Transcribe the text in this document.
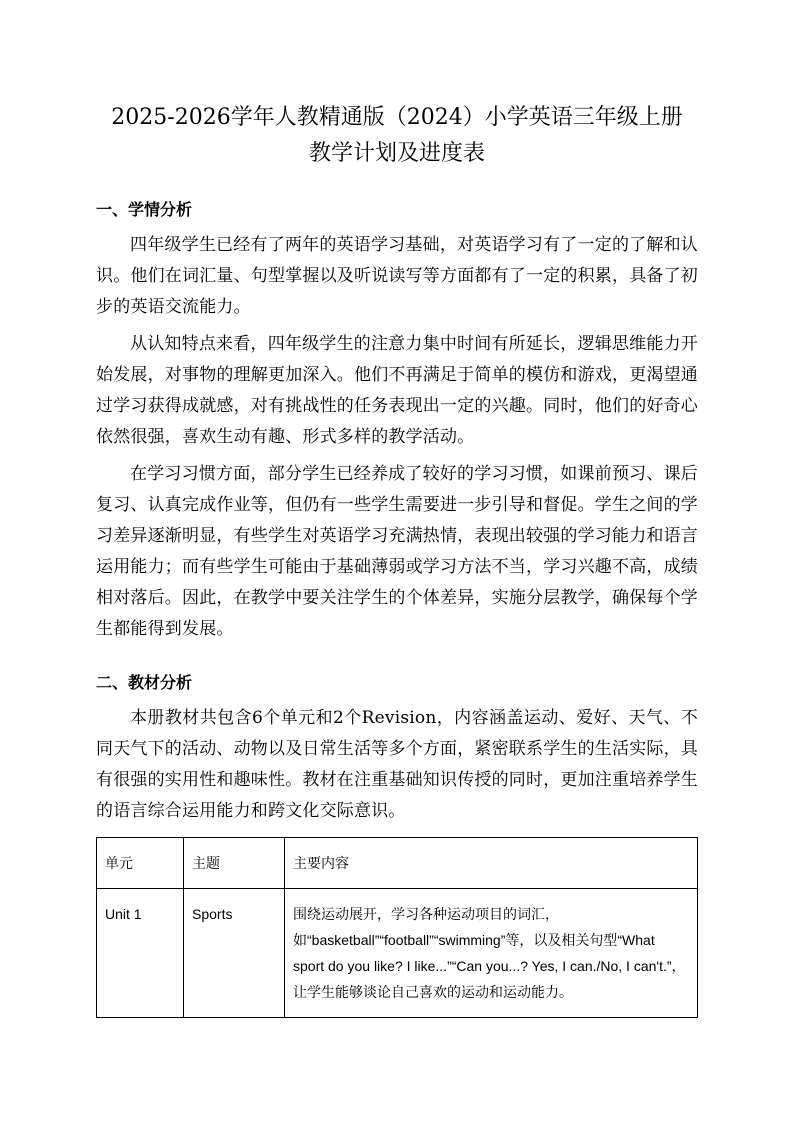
2025-2026学年人教精通版（2024）小学英语三年级上册
教学计划及进度表
一、学情分析

四年级学生已经有了两年的英语学习基础，对英语学习有了一定的了解和认识。他们在词汇量、句型掌握以及听说读写等方面都有了一定的积累，具备了初步的英语交流能力。

从认知特点来看，四年级学生的注意力集中时间有所延长，逻辑思维能力开始发展，对事物的理解更加深入。他们不再满足于简单的模仿和游戏，更渴望通过学习获得成就感，对有挑战性的任务表现出一定的兴趣。同时，他们的好奇心依然很强，喜欢生动有趣、形式多样的教学活动。

在学习习惯方面，部分学生已经养成了较好的学习习惯，如课前预习、课后复习、认真完成作业等，但仍有一些学生需要进一步引导和督促。学生之间的学习差异逐渐明显，有些学生对英语学习充满热情，表现出较强的学习能力和语言运用能力；而有些学生可能由于基础薄弱或学习方法不当，学习兴趣不高，成绩相对落后。因此，在教学中要关注学生的个体差异，实施分层教学，确保每个学生都能得到发展。

二、教材分析

本册教材共包含6个单元和2个Revision，内容涵盖运动、爱好、天气、不同天气下的活动、动物以及日常生活等多个方面，紧密联系学生的生活实际，具有很强的实用性和趣味性。教材在注重基础知识传授的同时，更加注重培养学生的语言综合运用能力和跨文化交际意识。

单元	主题	主要内容
Unit 1	Sports	围绕运动展开，学习各种运动项目的词汇，如“basketball”“football”“swimming”等，以及相关句型“What sport do you like? I like...”“Can you...? Yes, I can./No, I can't.”，让学生能够谈论自己喜欢的运动和运动能力。
